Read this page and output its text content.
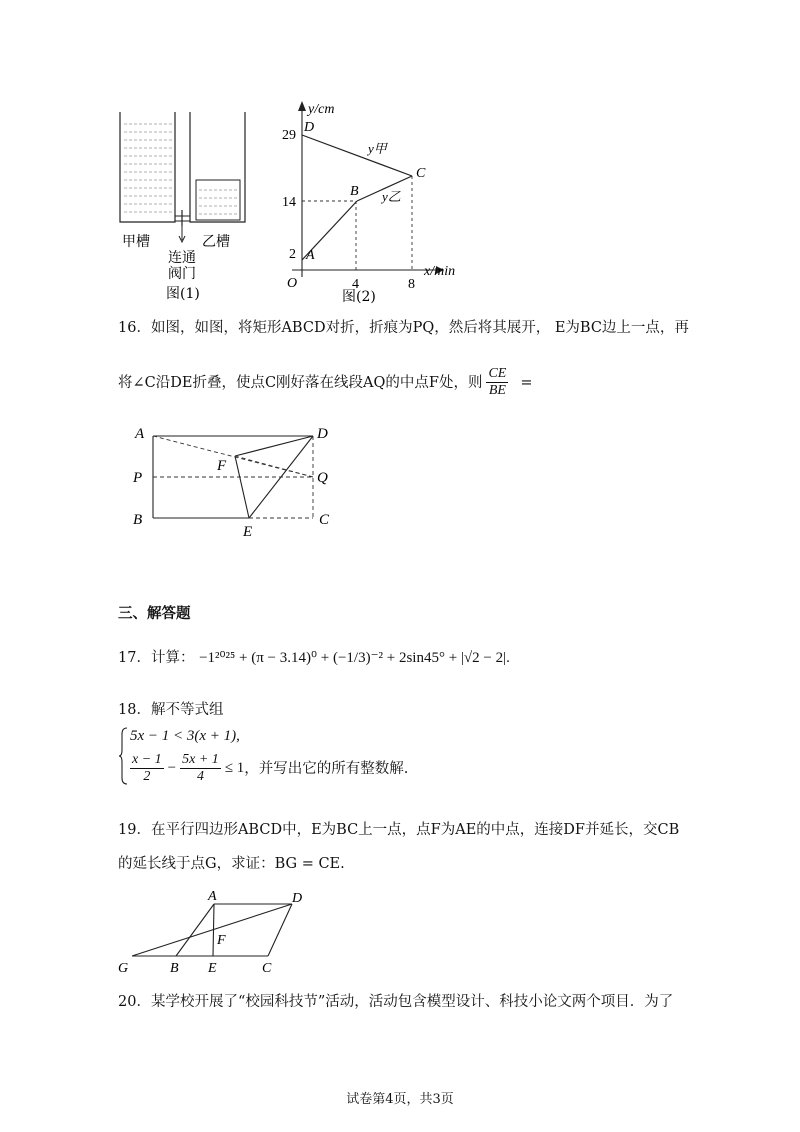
甲槽	乙槽
连通
阀门
图(1)
y/cm
x/min
O
29
14
2
4	8
D
C
B
A
y甲
y乙
图(2)
16．如图，如图，将矩形ABCD对折，折痕为PQ，然后将其展开， E为BC边上一点，再
将∠C沿DE折叠，使点C刚好落在线段AQ的中点F处，则 $\frac{CE}{BE}$ =
A	D
F
P	Q
B
E
C
三、解答题
17．计算： −1²⁰²⁵ + (π − 3.14)⁰ + (−1/3)⁻² + 2sin45° + |√2 − 2|.
18．解不等式组
5x − 1 < 3(x + 1),
$\frac{x - 1}{2} - \frac{5x + 1}{4} \le 1$ ，并写出它的所有整数解.
19．在平行四边形ABCD中，E为BC上一点，点F为AE的中点，连接DF并延长，交CB
的延长线于点G，求证：BG = CE.
A	D
F
G	B E	C
20．某学校开展了“校园科技节”活动，活动包含模型设计、科技小论文两个项目．为了
试卷第4页，共3页
